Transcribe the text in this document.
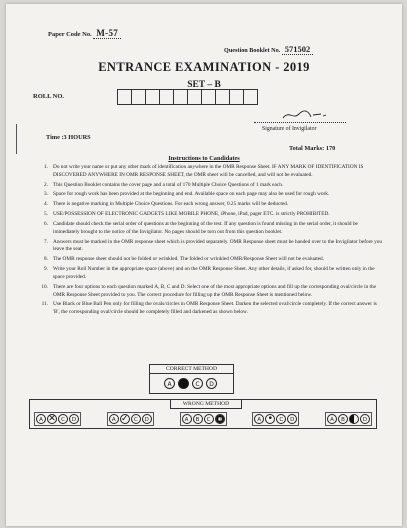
Paper Code No. M-57
Question Booklet No. 571502
ENTRANCE EXAMINATION - 2019
SET – B
ROLL NO.
Signature of Invigilator
Time :3 HOURS
Total Marks: 170
Instructions to Candidates
1. Do not write your name or put any other mark of identification anywhere in the OMR Response Sheet. IF ANY MARK OF IDENTIFICATION IS DISCOVERED ANYWHERE IN OMR RESPONSE SHEET, the OMR sheet will be cancelled, and will not be evaluated.
2. This Question Booklet contains the cover page and a total of 170 Multiple Choice Questions of 1 mark each.
3. Space for rough work has been provided at the beginning and end. Available space on each page may also be used for rough work.
4. There is negative marking in Multiple Choice Questions. For each wrong answer, 0.25 marks will be deducted.
5. USE/POSSESSION OF ELECTRONIC GADGETS LIKE MOBILE PHONE, iPhone, iPad, pager ETC. is strictly PROHIBITED.
6. Candidate should check the serial order of questions at the beginning of the test. If any question is found missing in the serial order, it should be immediately brought to the notice of the Invigilator. No pages should be torn out from this question booklet.
7. Answers must be marked in the OMR response sheet which is provided separately. OMR Response sheet must be handed over to the Invigilator before you leave the seat.
8. The OMR response sheet should not be folded or wrinkled. The folded or wrinkled OMR/Response Sheet will not be evaluated.
9. Write your Roll Number in the appropriate space (above) and on the OMR Response Sheet. Any other details, if asked for, should be written only in the space provided.
10. There are four options to each question marked A, B, C and D. Select one of the most appropriate options and fill up the corresponding oval/circle in the OMR Response Sheet provided to you. The correct procedure for filling up the OMR Response Sheet is mentioned below.
11. Use Black or Blue Ball Pen only for filling the ovals/circles in OMR Response Sheet. Darken the selected oval/circle completely. If the correct answer is 'B', the corresponding oval/circle should be completely filled and darkened as shown below.
CORRECT METHOD
A	B	C	D
WRONG METHOD
A ✕ C	D	A ✓ C	D	A	B	C	D	A •	C	D	A	B	D
